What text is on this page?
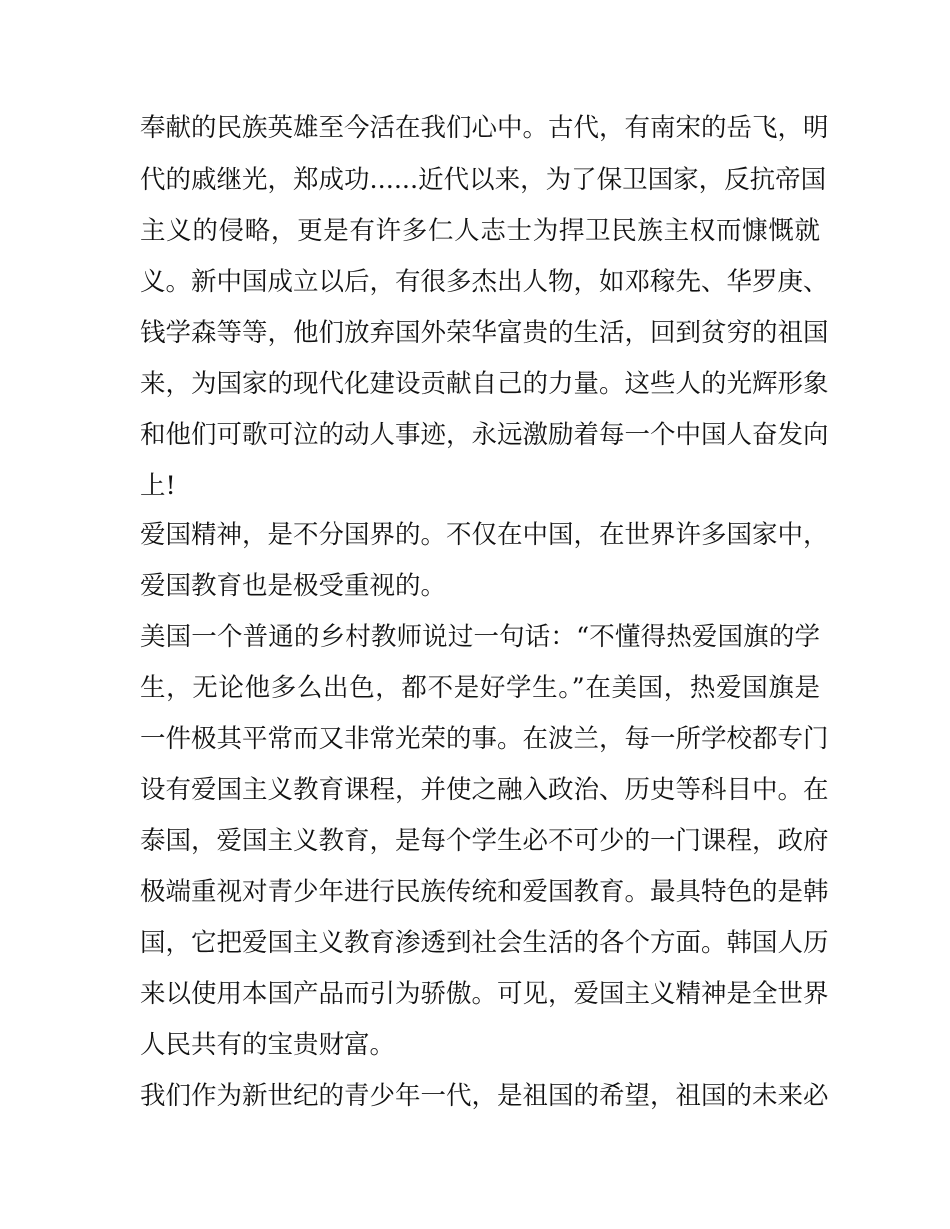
奉献的民族英雄至今活在我们心中。古代，有南宋的岳飞，明
代的戚继光，郑成功......近代以来，为了保卫国家，反抗帝国
主义的侵略，更是有许多仁人志士为捍卫民族主权而慷慨就
义。新中国成立以后，有很多杰出人物，如邓稼先、华罗庚、
钱学森等等，他们放弃国外荣华富贵的生活，回到贫穷的祖国
来，为国家的现代化建设贡献自己的力量。这些人的光辉形象
和他们可歌可泣的动人事迹，永远激励着每一个中国人奋发向
上!
爱国精神，是不分国界的。不仅在中国，在世界许多国家中，
爱国教育也是极受重视的。
美国一个普通的乡村教师说过一句话：“不懂得热爱国旗的学
生，无论他多么出色，都不是好学生。”在美国，热爱国旗是
一件极其平常而又非常光荣的事。在波兰，每一所学校都专门
设有爱国主义教育课程，并使之融入政治、历史等科目中。在
泰国，爱国主义教育，是每个学生必不可少的一门课程，政府
极端重视对青少年进行民族传统和爱国教育。最具特色的是韩
国，它把爱国主义教育渗透到社会生活的各个方面。韩国人历
来以使用本国产品而引为骄傲。可见，爱国主义精神是全世界
人民共有的宝贵财富。
我们作为新世纪的青少年一代，是祖国的希望，祖国的未来必
